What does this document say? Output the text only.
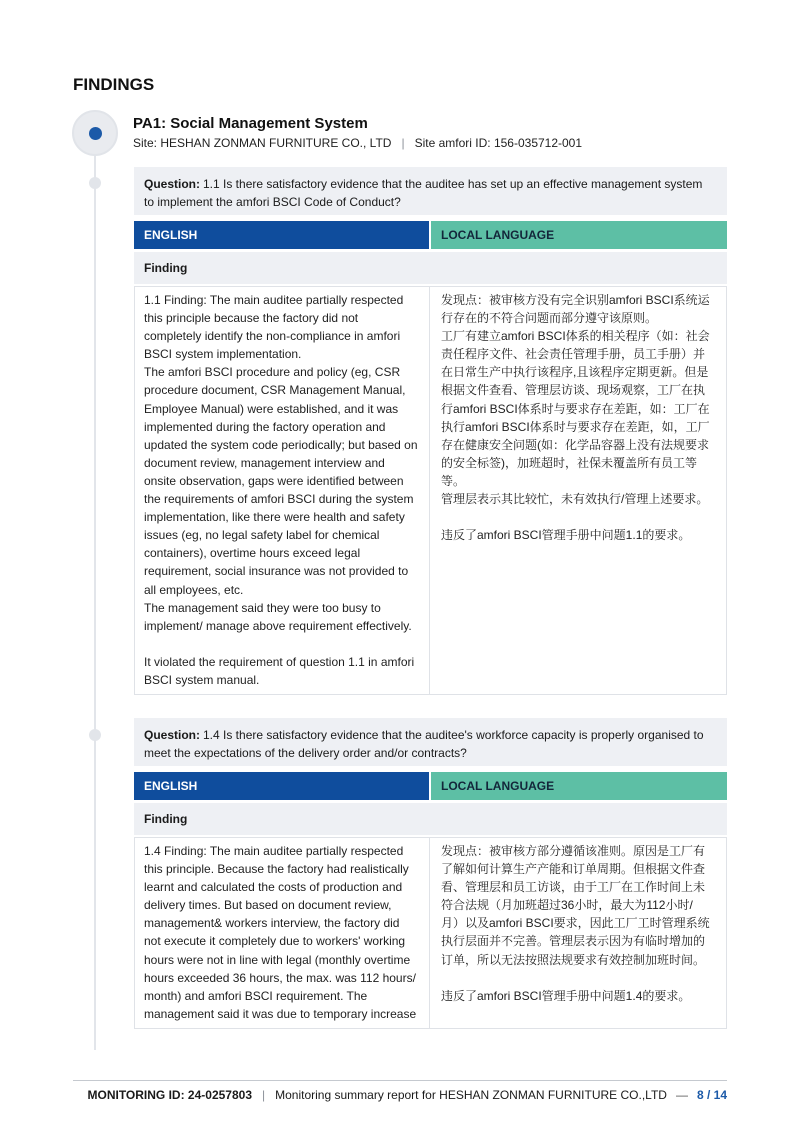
FINDINGS
PA1: Social Management System
Site: HESHAN ZONMAN FURNITURE CO., LTD | Site amfori ID: 156-035712-001
Question: 1.1 Is there satisfactory evidence that the auditee has set up an effective management system
to implement the amfori BSCI Code of Conduct?
ENGLISH	LOCAL LANGUAGE
Finding
1.1 Finding: The main auditee partially respected
this principle because the factory did not
completely identify the non-compliance in amfori
BSCI system implementation.
The amfori BSCI procedure and policy (eg, CSR
procedure document, CSR Management Manual,
Employee Manual) were established, and it was
implemented during the factory operation and
updated the system code periodically; but based on
document review, management interview and
onsite observation, gaps were identified between
the requirements of amfori BSCI during the system
implementation, like there were health and safety
issues (eg, no legal safety label for chemical
containers), overtime hours exceed legal
requirement, social insurance was not provided to
all employees, etc.
The management said they were too busy to
implement/ manage above requirement effectively.

It violated the requirement of question 1.1 in amfori
BSCI system manual.
发现点：被审核方没有完全识别amfori BSCI系统运
行存在的不符合问题而部分遵守该原则。
工厂有建立amfori BSCI体系的相关程序（如：社会
责任程序文件、社会责任管理手册，员工手册）并
在日常生产中执行该程序,且该程序定期更新。但是
根据文件查看、管理层访谈、现场观察，工厂在执
行amfori BSCI体系时与要求存在差距，如：工厂在
执行amfori BSCI体系时与要求存在差距，如，工厂
存在健康安全问题(如：化学品容器上没有法规要求
的安全标签)，加班超时，社保未覆盖所有员工等
等。
管理层表示其比较忙，未有效执行/管理上述要求。

违反了amfori BSCI管理手册中问题1.1的要求。
Question: 1.4 Is there satisfactory evidence that the auditee's workforce capacity is properly organised to
meet the expectations of the delivery order and/or contracts?
ENGLISH	LOCAL LANGUAGE
Finding
1.4 Finding: The main auditee partially respected
this principle. Because the factory had realistically
learnt and calculated the costs of production and
delivery times. But based on document review,
management& workers interview, the factory did
not execute it completely due to workers' working
hours were not in line with legal (monthly overtime
hours exceeded 36 hours, the max. was 112 hours/
month) and amfori BSCI requirement. The
management said it was due to temporary increase
发现点：被审核方部分遵循该准则。原因是工厂有
了解如何计算生产产能和订单周期。但根据文件查
看、管理层和员工访谈，由于工厂在工作时间上未
符合法规（月加班超过36小时，最大为112小时/
月）以及amfori BSCI要求，因此工厂工时管理系统
执行层面并不完善。管理层表示因为有临时增加的
订单，所以无法按照法规要求有效控制加班时间。

违反了amfori BSCI管理手册中问题1.4的要求。
MONITORING ID: 24-0257803 | Monitoring summary report for HESHAN ZONMAN FURNITURE CO.,LTD — 8 / 14
